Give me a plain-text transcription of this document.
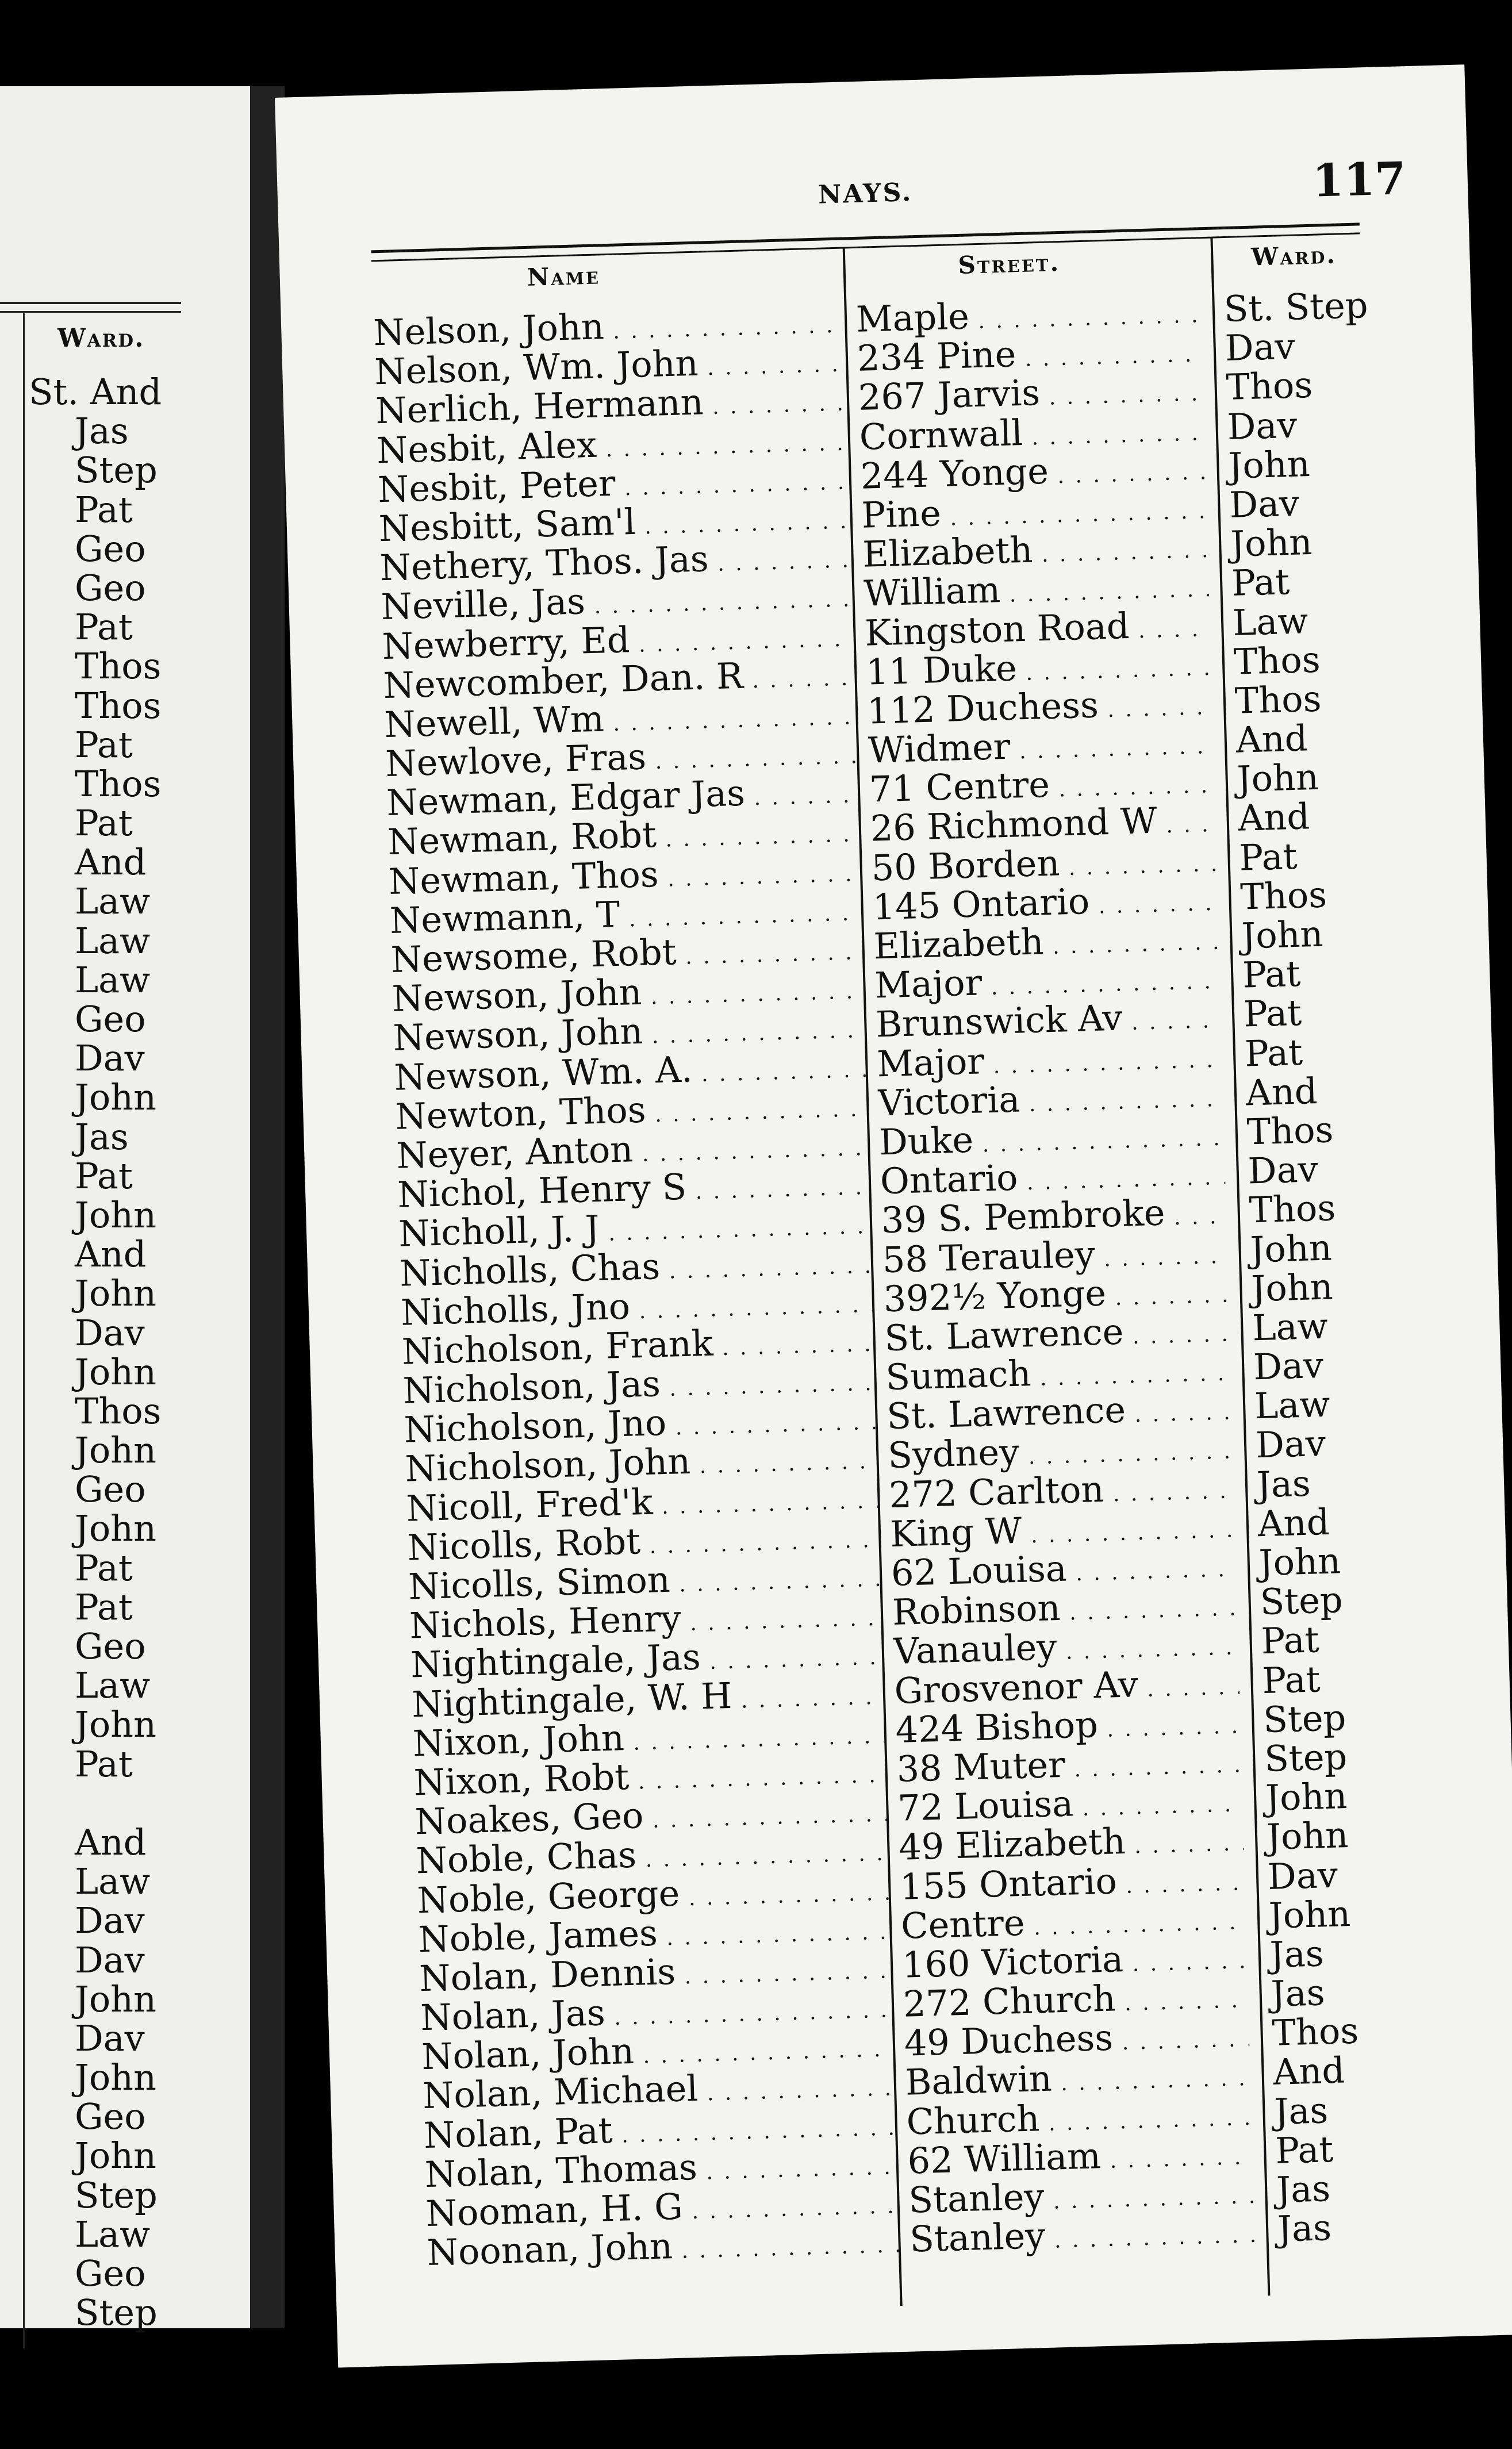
Ward.
St. And
Jas
Step
Pat
Geo
Geo
Pat
Thos
Thos
Pat
Thos
Pat
And
Law
Law
Law
Geo
Dav
John
Jas
Pat
John
And
John
Dav
John
Thos
John
Geo
John
Pat
Pat
Geo
Law
John
Pat
And
Law
Dav
Dav
John
Dav
John
Geo
John
Step
Law
Geo
Step
NAYS.	117
Name	Street.	Ward.
Nelson, John . . .	Maple . . .	St. Step
Nelson, Wm. John . . .	234 Pine . . .	Dav
Nerlich, Hermann . . .	267 Jarvis . . .	Thos
Nesbit, Alex . . .	Cornwall . . .	Dav
Nesbit, Peter . . .	244 Yonge . . .	John
Nesbitt, Sam'l . . .	Pine . . .	Dav
Nethery, Thos. Jas . . .	Elizabeth . . .	John
Neville, Jas . . .	William . . .	Pat
Newberry, Ed . . .	Kingston Road . . .	Law
Newcomber, Dan. R . . .	11 Duke . . .	Thos
Newell, Wm . . .	112 Duchess . . .	Thos
Newlove, Fras . . .	Widmer . . .	And
Newman, Edgar Jas . . .	71 Centre . . .	John
Newman, Robt . . .	26 Richmond W . . .	And
Newman, Thos . . .	50 Borden . . .	Pat
Newmann, T . . .	145 Ontario . . .	Thos
Newsome, Robt . . .	Elizabeth . . .	John
Newson, John . . .	Major . . .	Pat
Newson, John . . .	Brunswick Av . . .	Pat
Newson, Wm. A. . . .	Major . . .	Pat
Newton, Thos . . .	Victoria . . .	And
Neyer, Anton . . .	Duke . . .	Thos
Nichol, Henry S . . .	Ontario . . .	Dav
Nicholl, J. J . . .	39 S. Pembroke . . .	Thos
Nicholls, Chas . . .	58 Terauley . . .	John
Nicholls, Jno . . .	392½ Yonge . . .	John
Nicholson, Frank . . .	St. Lawrence . . .	Law
Nicholson, Jas . . .	Sumach . . .	Dav
Nicholson, Jno . . .	St. Lawrence . . .	Law
Nicholson, John . . .	Sydney . . .	Dav
Nicoll, Fred'k . . .	272 Carlton . . .	Jas
Nicolls, Robt . . .	King W . . .	And
Nicolls, Simon . . .	62 Louisa . . .	John
Nichols, Henry . . .	Robinson . . .	Step
Nightingale, Jas . . .	Vanauley . . .	Pat
Nightingale, W. H . . .	Grosvenor Av . . .	Pat
Nixon, John . . .	424 Bishop . . .	Step
Nixon, Robt . . .	38 Muter . . .	Step
Noakes, Geo . . .	72 Louisa . . .	John
Noble, Chas . . .	49 Elizabeth . . .	John
Noble, George . . .	155 Ontario . . .	Dav
Noble, James . . .	Centre . . .	John
Nolan, Dennis . . .	160 Victoria . . .	Jas
Nolan, Jas . . .	272 Church . . .	Jas
Nolan, John . . .	49 Duchess . . .	Thos
Nolan, Michael . . .	Baldwin . . .	And
Nolan, Pat . . .	Church . . .	Jas
Nolan, Thomas . . .	62 William . . .	Pat
Nooman, H. G . . .	Stanley . . .	Jas
Noonan, John . . .	Stanley . . .	Jas
